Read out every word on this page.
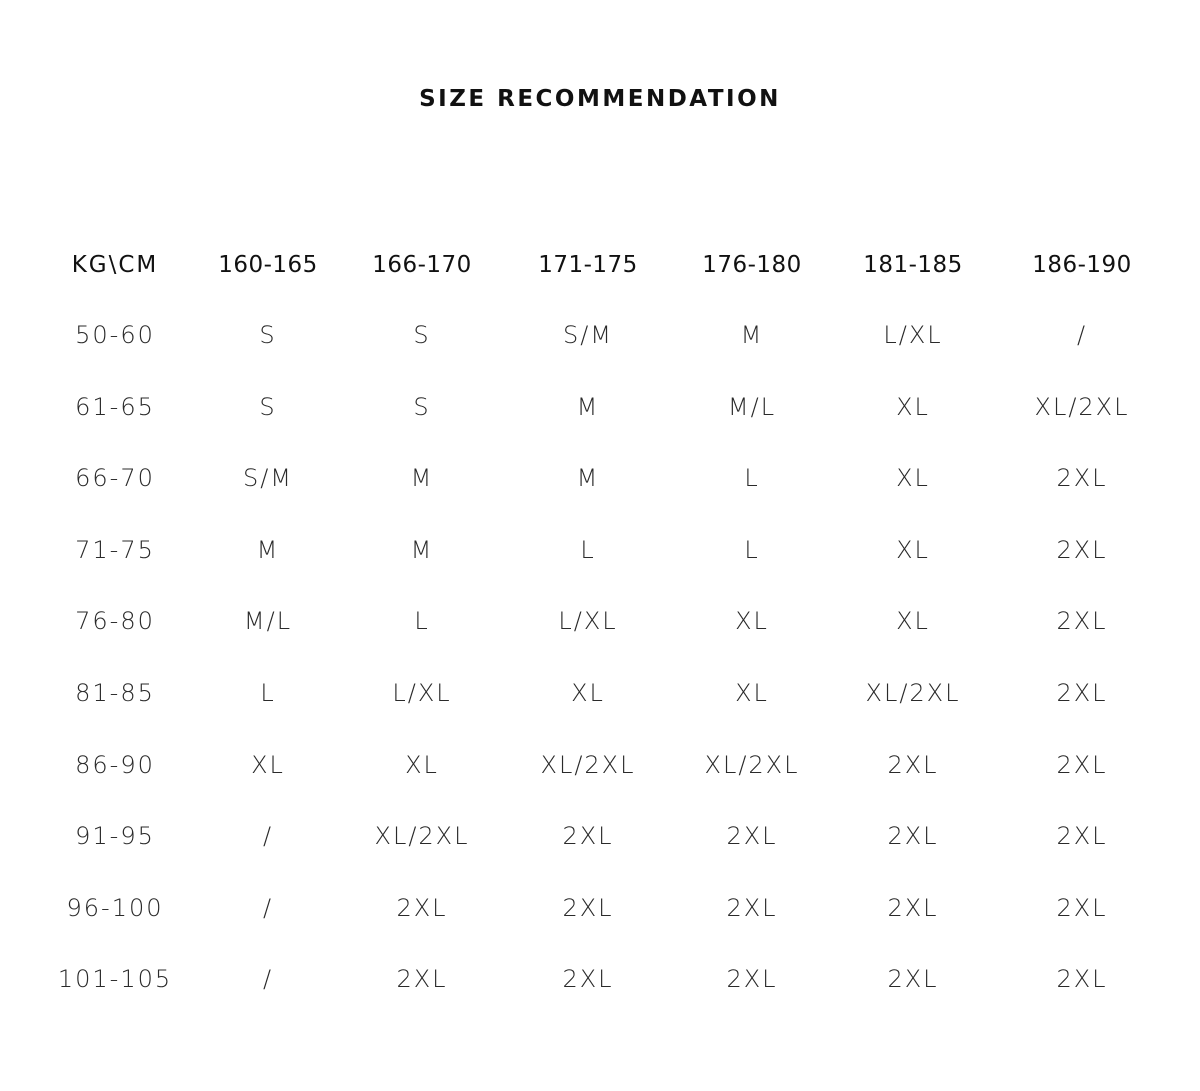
SIZE RECOMMENDATION
KG\CM	160-165 166-170	171-175	176-180	181-185	186-190
50-60	S	S	S/M	M	L/XL	/
61-65	S	S	M	M/L	XL	XL/2XL
66-70	S/M	M	M	L	XL	2XL
71-75	M	M	L	L	XL	2XL
76-80	M/L	L	L/XL	XL	XL	2XL
81-85	L	L/XL	XL	XL	XL/2XL	2XL
86-90	XL	XL	XL/2XL	XL/2XL	2XL	2XL
91-95	/	XL/2XL	2XL	2XL	2XL	2XL
96-100	/	2XL	2XL	2XL	2XL	2XL
101-105	/	2XL	2XL	2XL	2XL	2XL
